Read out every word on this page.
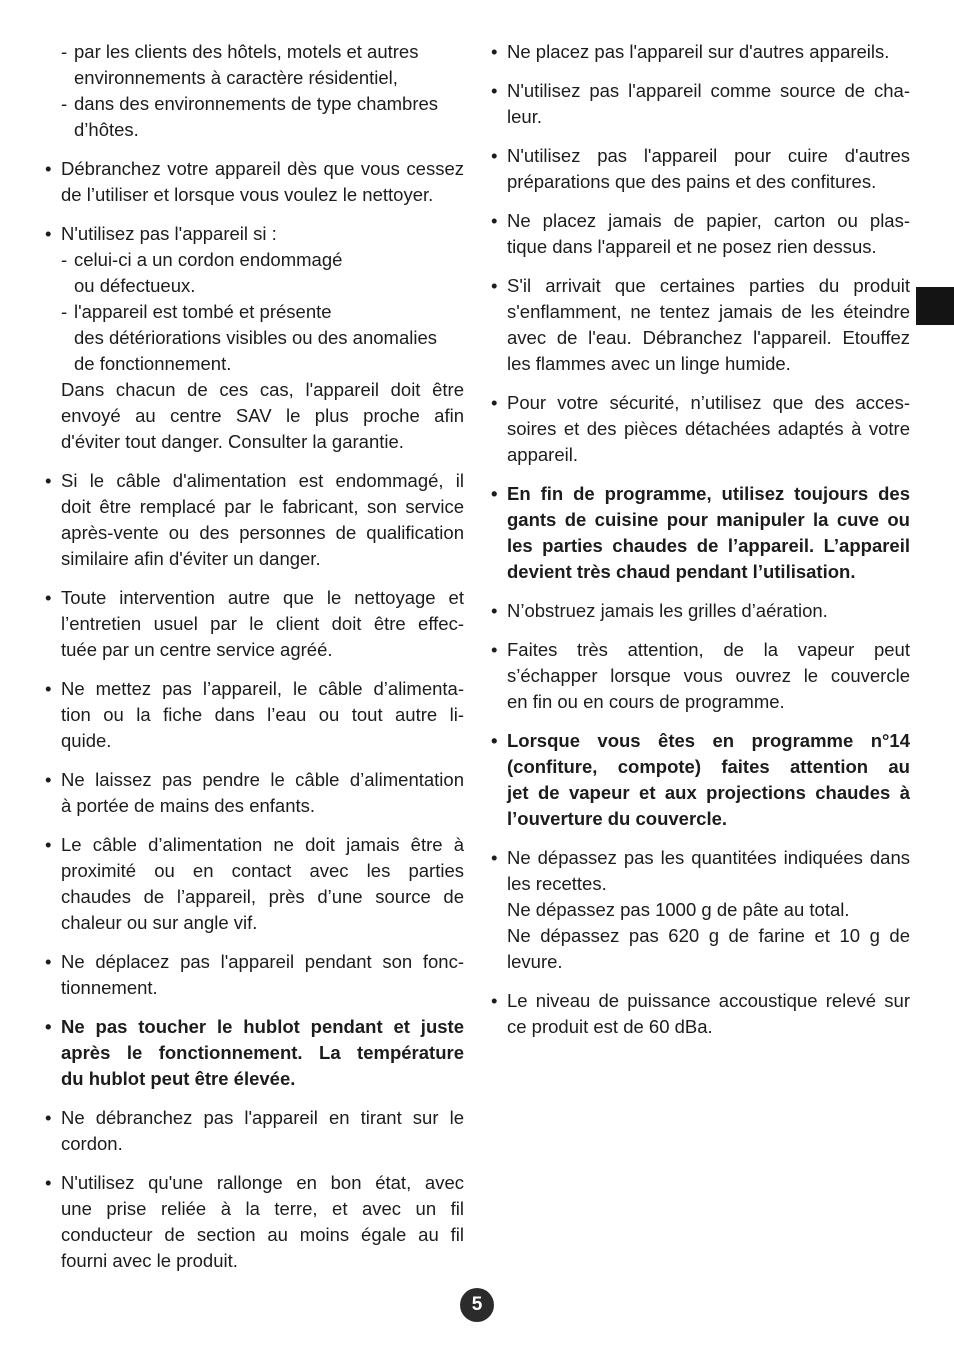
- par les clients des hôtels, motels et autres
environnements à caractère résidentiel,
- dans des environnements de type chambres
d’hôtes.
• Débranchez votre appareil dès que vous cessez
de l’utiliser et lorsque vous voulez le nettoyer.
• N'utilisez pas l'appareil si :
- celui-ci a un cordon endommagé
ou défectueux.
- l'appareil est tombé et présente
des détériorations visibles ou des anomalies
de fonctionnement.
Dans chacun de ces cas, l'appareil doit être
envoyé au centre SAV le plus proche afin
d'éviter tout danger. Consulter la garantie.
• Si le câble d'alimentation est endommagé, il
doit être remplacé par le fabricant, son service
après-vente ou des personnes de qualification
similaire afin d'éviter un danger.
• Toute intervention autre que le nettoyage et
l’entretien usuel par le client doit être effec-
tuée par un centre service agréé.
• Ne mettez pas l’appareil, le câble d’alimenta-
tion ou la fiche dans l’eau ou tout autre li-
quide.
• Ne laissez pas pendre le câble d’alimentation
à portée de mains des enfants.
• Le câble d’alimentation ne doit jamais être à
proximité ou en contact avec les parties
chaudes de l’appareil, près d’une source de
chaleur ou sur angle vif.
• Ne déplacez pas l'appareil pendant son fonc-
tionnement.
• Ne pas toucher le hublot pendant et juste
après le fonctionnement. La température
du hublot peut être élevée.
• Ne débranchez pas l'appareil en tirant sur le
cordon.
• N'utilisez qu'une rallonge en bon état, avec
une prise reliée à la terre, et avec un fil
conducteur de section au moins égale au fil
fourni avec le produit.
• Ne placez pas l'appareil sur d'autres appareils.
• N'utilisez pas l'appareil comme source de cha-
leur.
• N'utilisez pas l'appareil pour cuire d'autres
préparations que des pains et des confitures.
• Ne placez jamais de papier, carton ou plas-
tique dans l'appareil et ne posez rien dessus.
• S'il arrivait que certaines parties du produit
s'enflamment, ne tentez jamais de les éteindre
avec de l'eau. Débranchez l'appareil. Etouffez
les flammes avec un linge humide.
• Pour votre sécurité, n’utilisez que des acces-
soires et des pièces détachées adaptés à votre
appareil.
• En fin de programme, utilisez toujours des
gants de cuisine pour manipuler la cuve ou
les parties chaudes de l’appareil. L’appareil
devient très chaud pendant l’utilisation.
• N’obstruez jamais les grilles d’aération.
• Faites très attention, de la vapeur peut
s’échapper lorsque vous ouvrez le couvercle
en fin ou en cours de programme.
• Lorsque vous êtes en programme n°14
(confiture, compote) faites attention au
jet de vapeur et aux projections chaudes à
l’ouverture du couvercle.
• Ne dépassez pas les quantitées indiquées dans
les recettes.
Ne dépassez pas 1000 g de pâte au total.
Ne dépassez pas 620 g de farine et 10 g de
levure.
• Le niveau de puissance accoustique relevé sur
ce produit est de 60 dBa.
5
